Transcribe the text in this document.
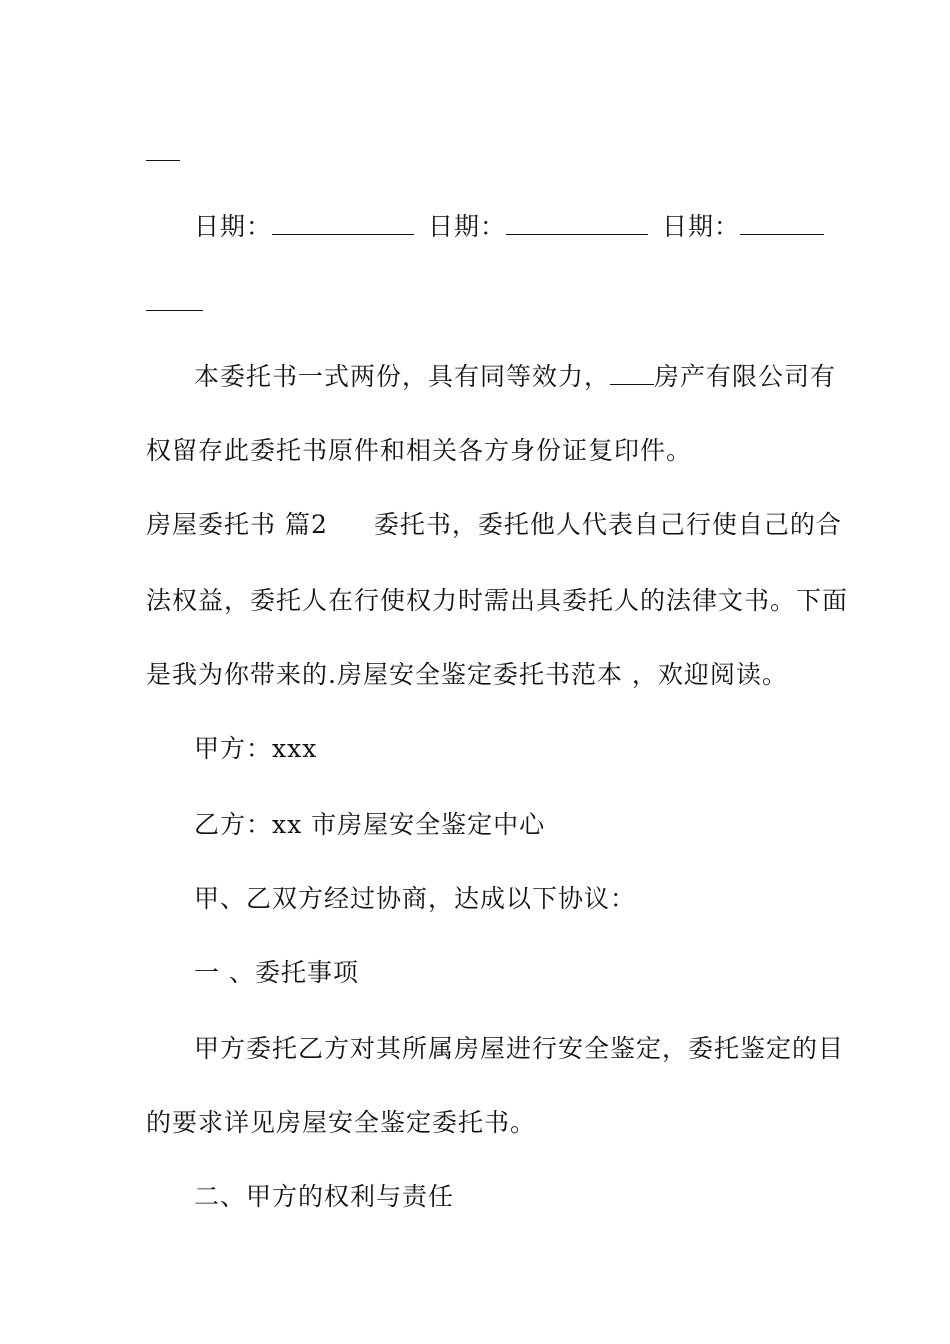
日期：	日期：	日期：
本委托书一式两份，具有同等效力， 房产有限公司有
权留存此委托书原件和相关各方身份证复印件。
房屋委托书 篇2 委托书，委托他人代表自己行使自己的合
法权益，委托人在行使权力时需出具委托人的法律文书。下面
是我为你带来的.房屋安全鉴定委托书范本 ，欢迎阅读。
甲方：xxx
乙方：xx 市房屋安全鉴定中心
甲、乙双方经过协商，达成以下协议：
一 、委托事项
甲方委托乙方对其所属房屋进行安全鉴定，委托鉴定的目
的要求详见房屋安全鉴定委托书。
二、甲方的权利与责任
